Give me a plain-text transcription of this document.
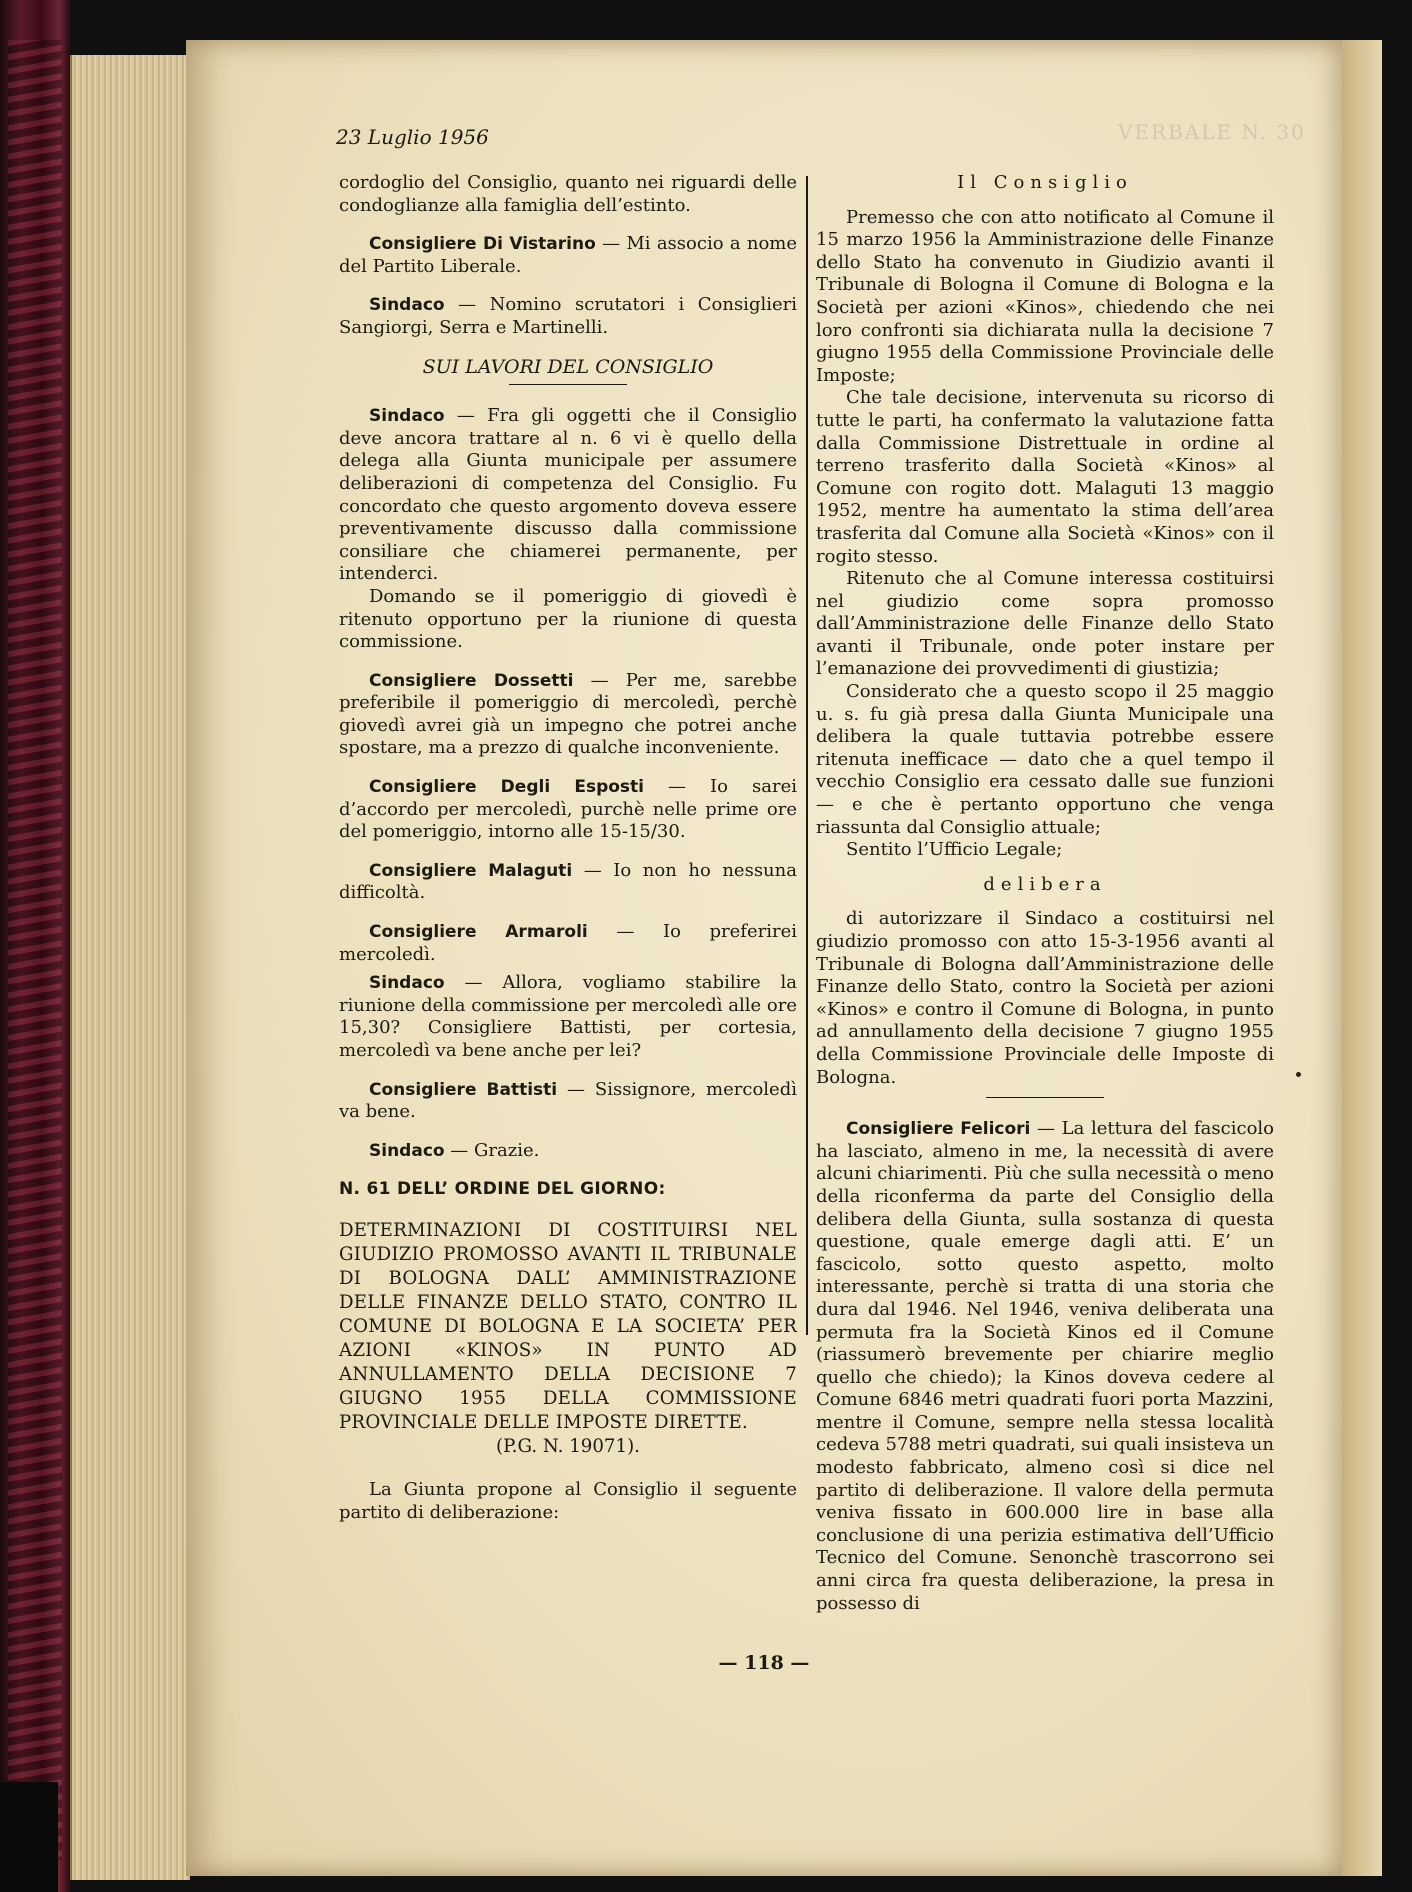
23 Luglio 1956	VERBALE N. 30

cordoglio del Consiglio, quanto nei riguardi delle condoglianze alla famiglia dell’estinto.

Consigliere Di Vistarino — Mi associo a nome del Partito Liberale.

Sindaco — Nomino scrutatori i Consiglieri Sangiorgi, Serra e Martinelli.

SUI LAVORI DEL CONSIGLIO

Sindaco — Fra gli oggetti che il Consiglio deve ancora trattare al n. 6 vi è quello della delega alla Giunta municipale per assumere deliberazioni di competenza del Consiglio. Fu concordato che questo argomento doveva essere preventivamente discusso dalla commissione consiliare che chiamerei permanente, per intenderci.

Domando se il pomeriggio di giovedì è ritenuto opportuno per la riunione di questa commissione.

Consigliere Dossetti — Per me, sarebbe preferibile il pomeriggio di mercoledì, perchè giovedì avrei già un impegno che potrei anche spostare, ma a prezzo di qualche inconveniente.

Consigliere Degli Esposti — Io sarei d’accordo per mercoledì, purchè nelle prime ore del pomeriggio, intorno alle 15-15/30.

Consigliere Malaguti — Io non ho nessuna difficoltà.

Consigliere Armaroli — Io preferirei mercoledì.

Sindaco — Allora, vogliamo stabilire la riunione della commissione per mercoledì alle ore 15,30? Consigliere Battisti, per cortesia, mercoledì va bene anche per lei?

Consigliere Battisti — Sissignore, mercoledì va bene.

Sindaco — Grazie.

N. 61 DELL’ ORDINE DEL GIORNO:

DETERMINAZIONI DI COSTITUIRSI NEL GIUDIZIO PROMOSSO AVANTI IL TRIBUNALE DI BOLOGNA DALL’ AMMINISTRAZIONE DELLE FINANZE DELLO STATO, CONTRO IL COMUNE DI BOLOGNA E LA SOCIETA’ PER AZIONI «KINOS» IN PUNTO AD ANNULLAMENTO DELLA DECISIONE 7 GIUGNO 1955 DELLA COMMISSIONE PROVINCIALE DELLE IMPOSTE DIRETTE.

(P.G. N. 19071).

La Giunta propone al Consiglio il seguente partito di deliberazione:

Il Consiglio

Premesso che con atto notificato al Comune il 15 marzo 1956 la Amministrazione delle Finanze dello Stato ha convenuto in Giudizio avanti il Tribunale di Bologna il Comune di Bologna e la Società per azioni «Kinos», chiedendo che nei loro confronti sia dichiarata nulla la decisione 7 giugno 1955 della Commissione Provinciale delle Imposte;

Che tale decisione, intervenuta su ricorso di tutte le parti, ha confermato la valutazione fatta dalla Commissione Distrettuale in ordine al terreno trasferito dalla Società «Kinos» al Comune con rogito dott. Malaguti 13 maggio 1952, mentre ha aumentato la stima dell’area trasferita dal Comune alla Società «Kinos» con il rogito stesso.

Ritenuto che al Comune interessa costituirsi nel giudizio come sopra promosso dall’Amministrazione delle Finanze dello Stato avanti il Tribunale, onde poter instare per l’emanazione dei provvedimenti di giustizia;

Considerato che a questo scopo il 25 maggio u. s. fu già presa dalla Giunta Municipale una delibera la quale tuttavia potrebbe essere ritenuta inefficace — dato che a quel tempo il vecchio Consiglio era cessato dalle sue funzioni — e che è pertanto opportuno che venga riassunta dal Consiglio attuale;

Sentito l’Ufficio Legale;

delibera

di autorizzare il Sindaco a costituirsi nel giudizio promosso con atto 15-3-1956 avanti al Tribunale di Bologna dall’Amministrazione delle Finanze dello Stato, contro la Società per azioni «Kinos» e contro il Comune di Bologna, in punto ad annullamento della decisione 7 giugno 1955 della Commissione Provinciale delle Imposte di Bologna.

Consigliere Felicori — La lettura del fascicolo ha lasciato, almeno in me, la necessità di avere alcuni chiarimenti. Più che sulla necessità o meno della riconferma da parte del Consiglio della delibera della Giunta, sulla sostanza di questa questione, quale emerge dagli atti. E’ un fascicolo, sotto questo aspetto, molto interessante, perchè si tratta di una storia che dura dal 1946. Nel 1946, veniva deliberata una permuta fra la Società Kinos ed il Comune (riassumerò brevemente per chiarire meglio quello che chiedo); la Kinos doveva cedere al Comune 6846 metri quadrati fuori porta Mazzini, mentre il Comune, sempre nella stessa località cedeva 5788 metri quadrati, sui quali insisteva un modesto fabbricato, almeno così si dice nel partito di deliberazione. Il valore della permuta veniva fissato in 600.000 lire in base alla conclusione di una perizia estimativa dell’Ufficio Tecnico del Comune. Senonchè trascorrono sei anni circa fra questa deliberazione, la presa in possesso di

— 118 —
